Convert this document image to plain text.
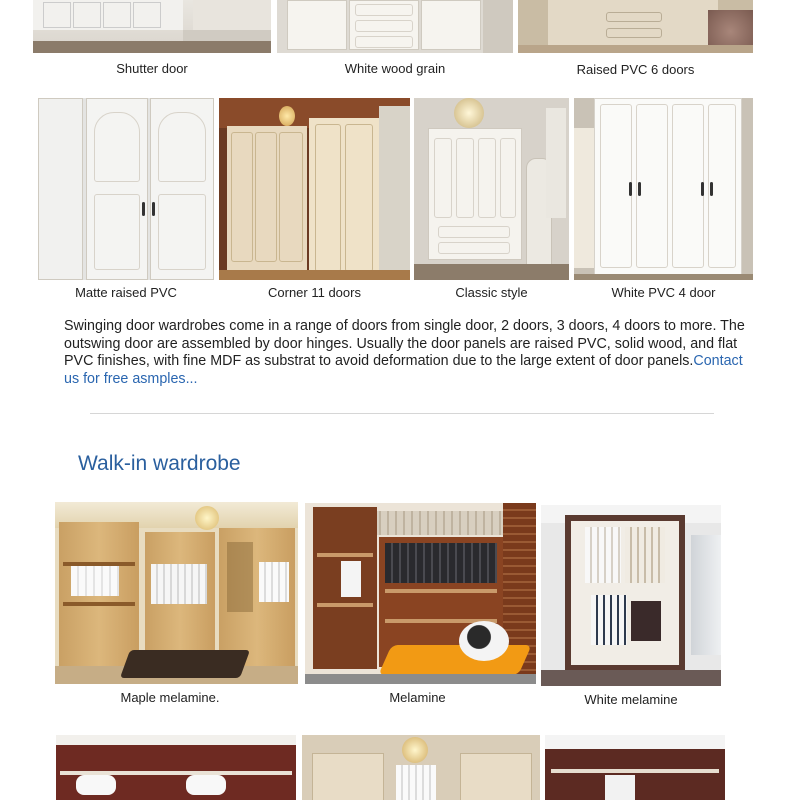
Shutter door	White wood grain	Raised PVC 6 doors
Matte raised PVC	Corner 11 doors	Classic style	White PVC 4 door
Swinging door wardrobes come in a range of doors from single door, 2 doors, 3 doors, 4 doors to more. The outswing door are assembled by door hinges. Usually the door panels are raised PVC, solid wood, and flat PVC finishes, with fine MDF as substrat to avoid deformation due to the large extent of door panels.Contact us for free asmples...
Walk-in wardrobe
Maple melamine.	Melamine	White melamine
